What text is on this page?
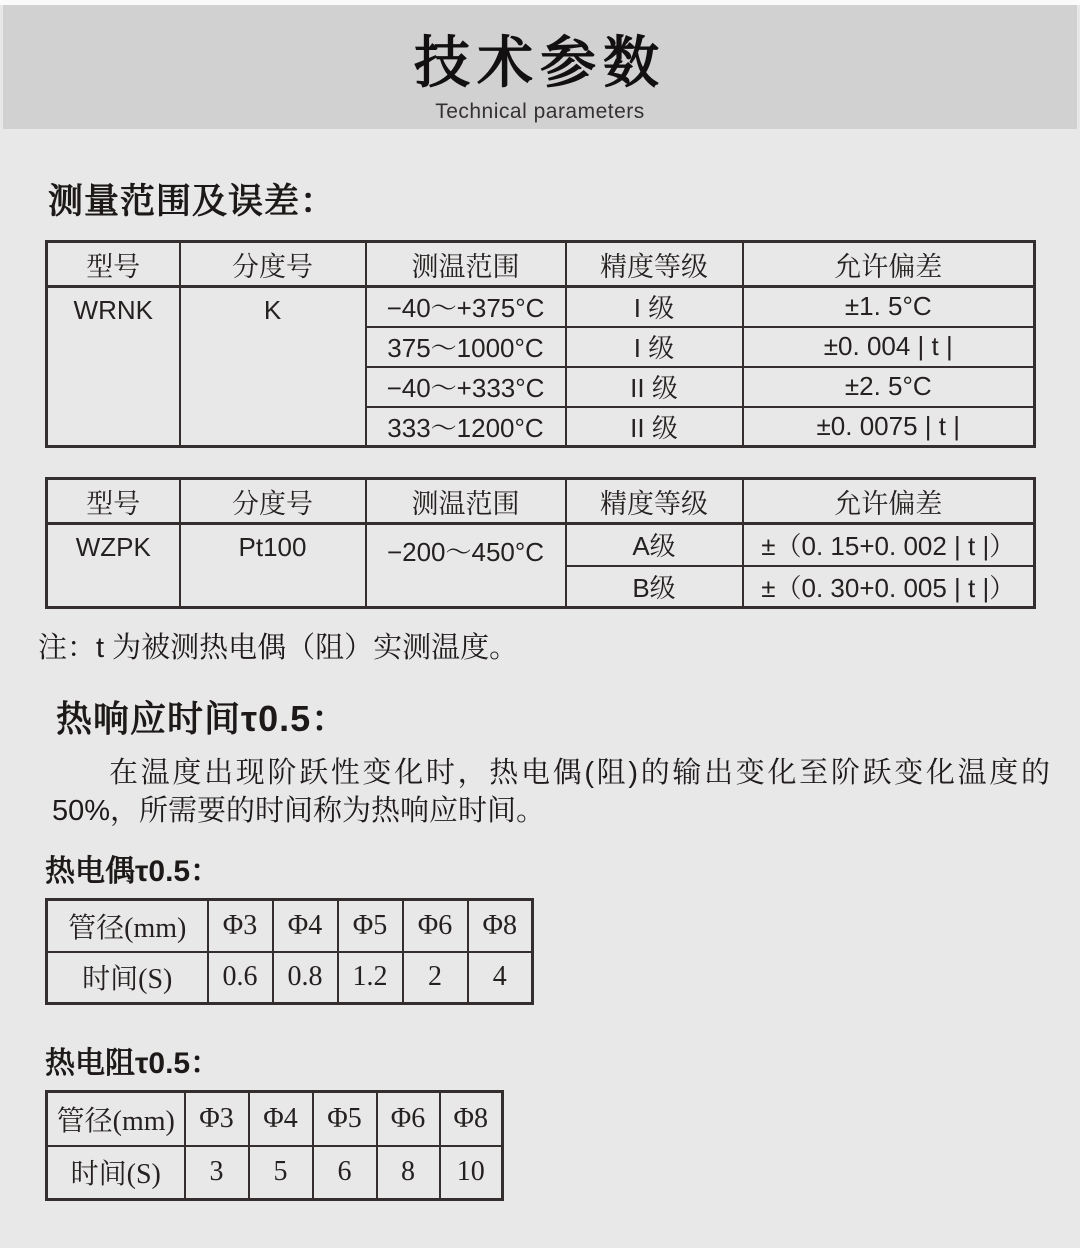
技术参数
Technical parameters
测量范围及误差：
型号	分度号	测温范围	精度等级	允许偏差
WRNK	K	−40～+375°C	I 级	±1. 5°C
		375～1000°C	I 级	±0. 004 | t |
		−40～+333°C	II 级	±2. 5°C
		333～1200°C	II 级	±0. 0075 | t |
型号	分度号	测温范围	精度等级	允许偏差
WZPK	Pt100	−200～450°C	A级	±（0. 15+0. 002 | t |）
			B级	±（0. 30+0. 005 | t |）
注：t 为被测热电偶（阻）实测温度。
热响应时间τ0.5：
在温度出现阶跃性变化时，热电偶(阻)的输出变化至阶跃变化温度的50%，所需要的时间称为热响应时间。
热电偶τ0.5：
管径(mm)	Φ3	Φ4	Φ5	Φ6	Φ8
时间(S)	0.6	0.8	1.2	2	4
热电阻τ0.5：
管径(mm)	Φ3	Φ4	Φ5	Φ6	Φ8
时间(S)	3	5	6	8	10
